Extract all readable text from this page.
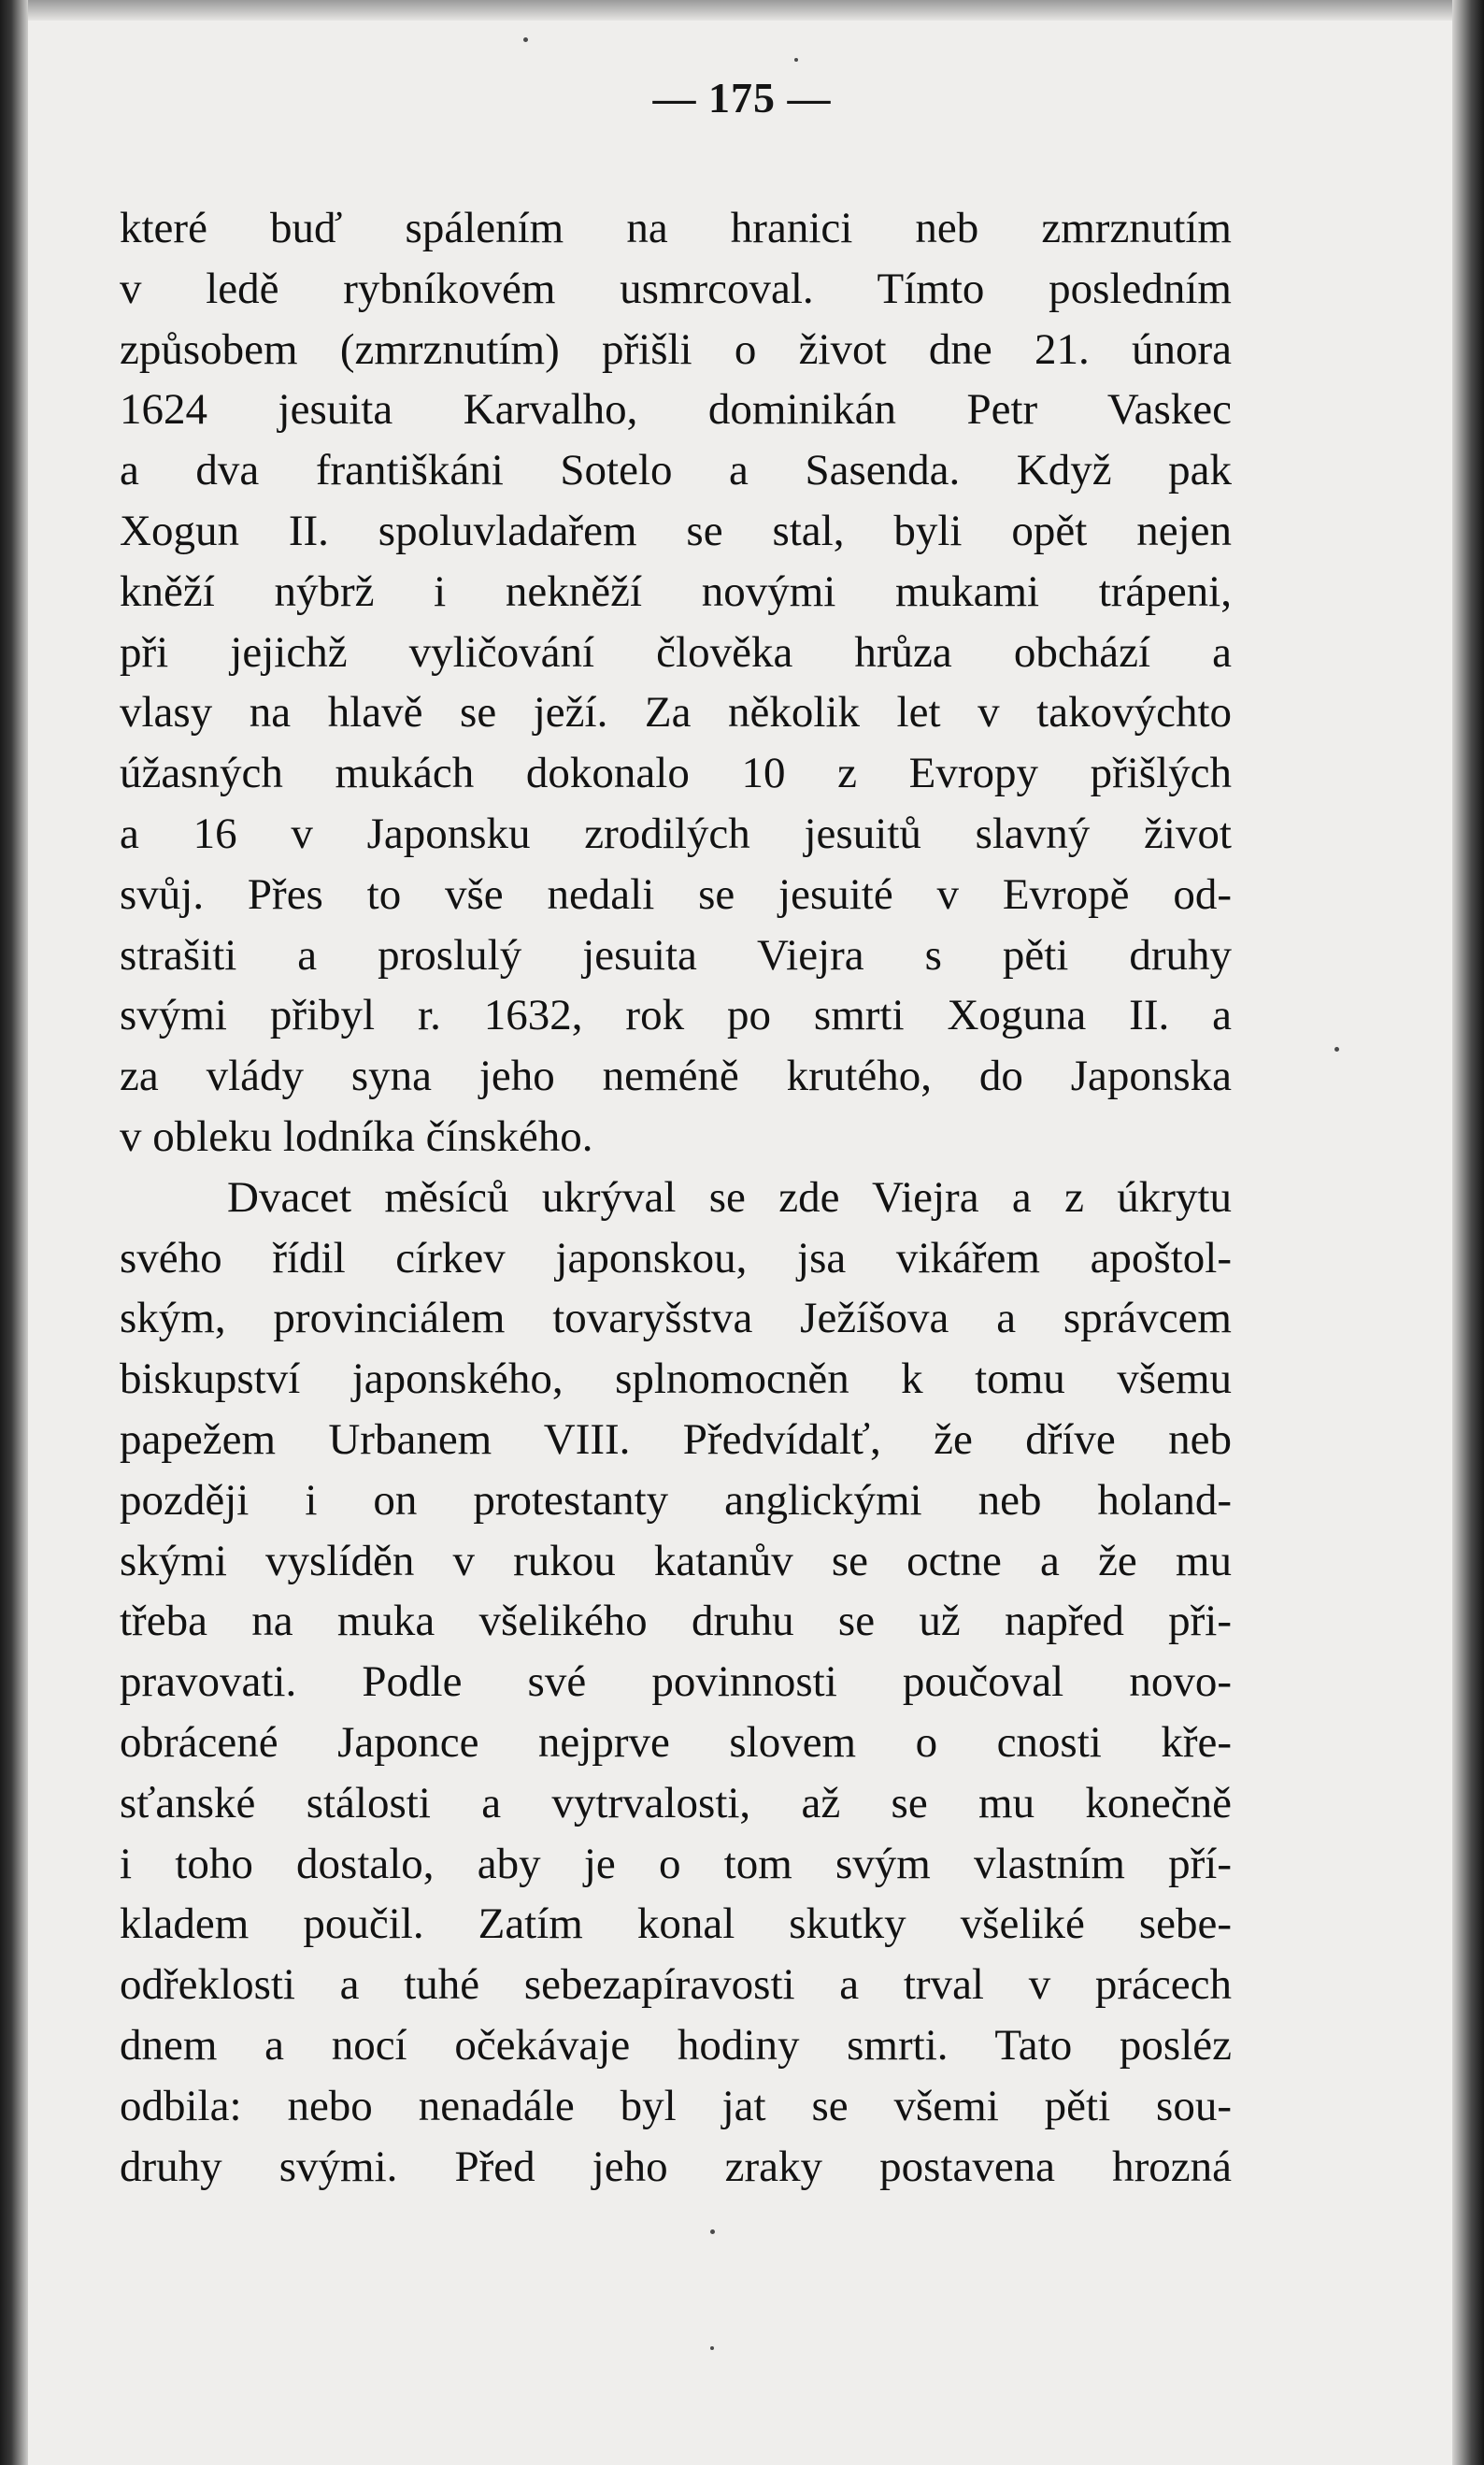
— 175 —
které buď spálením na hranici neb zmrznutím
v ledě rybníkovém usmrcoval. Tímto posledním
způsobem (zmrznutím) přišli o život dne 21. února
1624 jesuita Karvalho, dominikán Petr Vaskec
a dva františkáni Sotelo a Sasenda. Když pak
Xogun II. spoluvladařem se stal, byli opět nejen
kněží nýbrž i nekněží novými mukami trápeni,
při jejichž vyličování člověka hrůza obchází a
vlasy na hlavě se ježí. Za několik let v takovýchto
úžasných mukách dokonalo 10 z Evropy přišlých
a 16 v Japonsku zrodilých jesuitů slavný život
svůj. Přes to vše nedali se jesuité v Evropě od-
strašiti a proslulý jesuita Viejra s pěti druhy
svými přibyl r. 1632, rok po smrti Xoguna II. a
za vlády syna jeho neméně krutého, do Japonska
v obleku lodníka čínského.
Dvacet měsíců ukrýval se zde Viejra a z úkrytu
svého řídil církev japonskou, jsa vikářem apoštol-
ským, provinciálem tovaryšstva Ježíšova a správcem
biskupství japonského, splnomocněn k tomu všemu
papežem Urbanem VIII. Předvídalť, že dříve neb
později i on protestanty anglickými neb holand-
skými vyslíděn v rukou katanův se octne a že mu
třeba na muka všelikého druhu se už napřed při-
pravovati. Podle své povinnosti poučoval novo-
obrácené Japonce nejprve slovem o cnosti kře-
sťanské stálosti a vytrvalosti, až se mu konečně
i toho dostalo, aby je o tom svým vlastním pří-
kladem poučil. Zatím konal skutky všeliké sebe-
odřeklosti a tuhé sebezapíravosti a trval v prácech
dnem a nocí očekávaje hodiny smrti. Tato posléz
odbila: nebo nenadále byl jat se všemi pěti sou-
druhy svými. Před jeho zraky postavena hrozná
